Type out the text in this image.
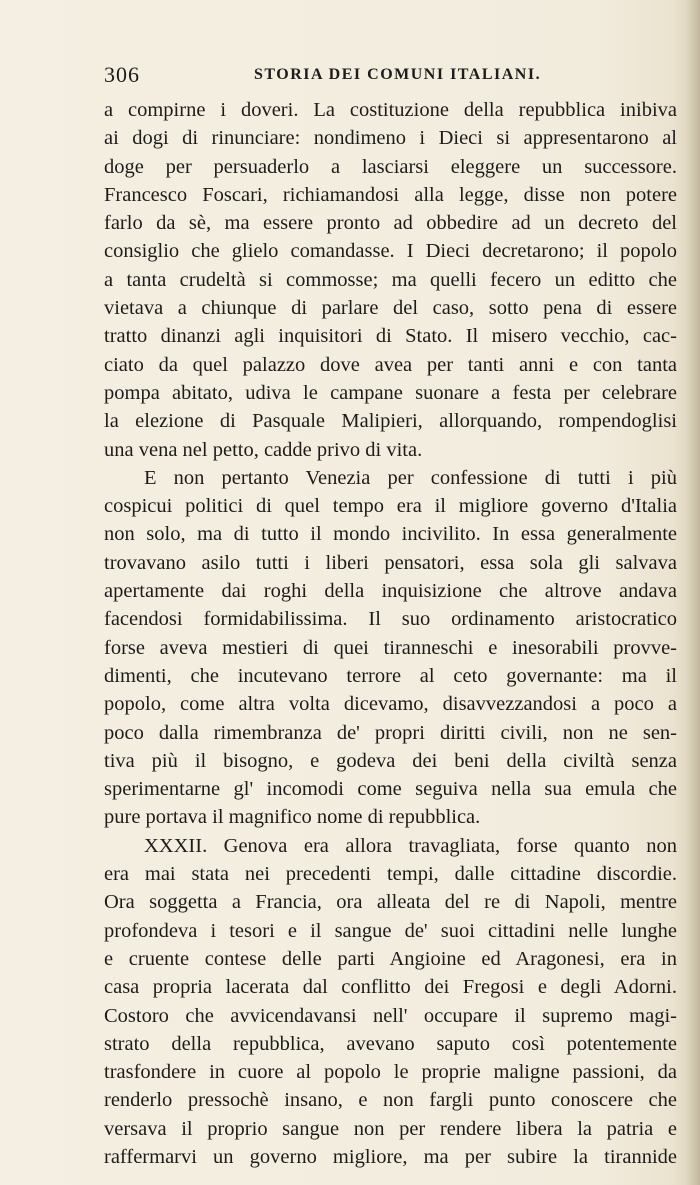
306	STORIA DEI COMUNI ITALIANI.
a compirne i doveri. La costituzione della repubblica inibiva
ai dogi di rinunciare: nondimeno i Dieci si appresentarono al
doge per persuaderlo a lasciarsi eleggere un successore.
Francesco Foscari, richiamandosi alla legge, disse non potere
farlo da sè, ma essere pronto ad obbedire ad un decreto del
consiglio che glielo comandasse. I Dieci decretarono; il popolo
a tanta crudeltà si commosse; ma quelli fecero un editto che
vietava a chiunque di parlare del caso, sotto pena di essere
tratto dinanzi agli inquisitori di Stato. Il misero vecchio, cac-
ciato da quel palazzo dove avea per tanti anni e con tanta
pompa abitato, udiva le campane suonare a festa per celebrare
la elezione di Pasquale Malipieri, allorquando, rompendoglisi
una vena nel petto, cadde privo di vita.
E non pertanto Venezia per confessione di tutti i più
cospicui politici di quel tempo era il migliore governo d'Italia
non solo, ma di tutto il mondo incivilito. In essa generalmente
trovavano asilo tutti i liberi pensatori, essa sola gli salvava
apertamente dai roghi della inquisizione che altrove andava
facendosi formidabilissima. Il suo ordinamento aristocratico
forse aveva mestieri di quei tiranneschi e inesorabili provve-
dimenti, che incutevano terrore al ceto governante: ma il
popolo, come altra volta dicevamo, disavvezzandosi a poco a
poco dalla rimembranza de' propri diritti civili, non ne sen-
tiva più il bisogno, e godeva dei beni della civiltà senza
sperimentarne gl' incomodi come seguiva nella sua emula che
pure portava il magnifico nome di repubblica.
XXXII. Genova era allora travagliata, forse quanto non
era mai stata nei precedenti tempi, dalle cittadine discordie.
Ora soggetta a Francia, ora alleata del re di Napoli, mentre
profondeva i tesori e il sangue de' suoi cittadini nelle lunghe
e cruente contese delle parti Angioine ed Aragonesi, era in
casa propria lacerata dal conflitto dei Fregosi e degli Adorni.
Costoro che avvicendavansi nell' occupare il supremo magi-
strato della repubblica, avevano saputo così potentemente
trasfondere in cuore al popolo le proprie maligne passioni, da
renderlo pressochè insano, e non fargli punto conoscere che
versava il proprio sangue non per rendere libera la patria e
raffermarvi un governo migliore, ma per subire la tirannide
